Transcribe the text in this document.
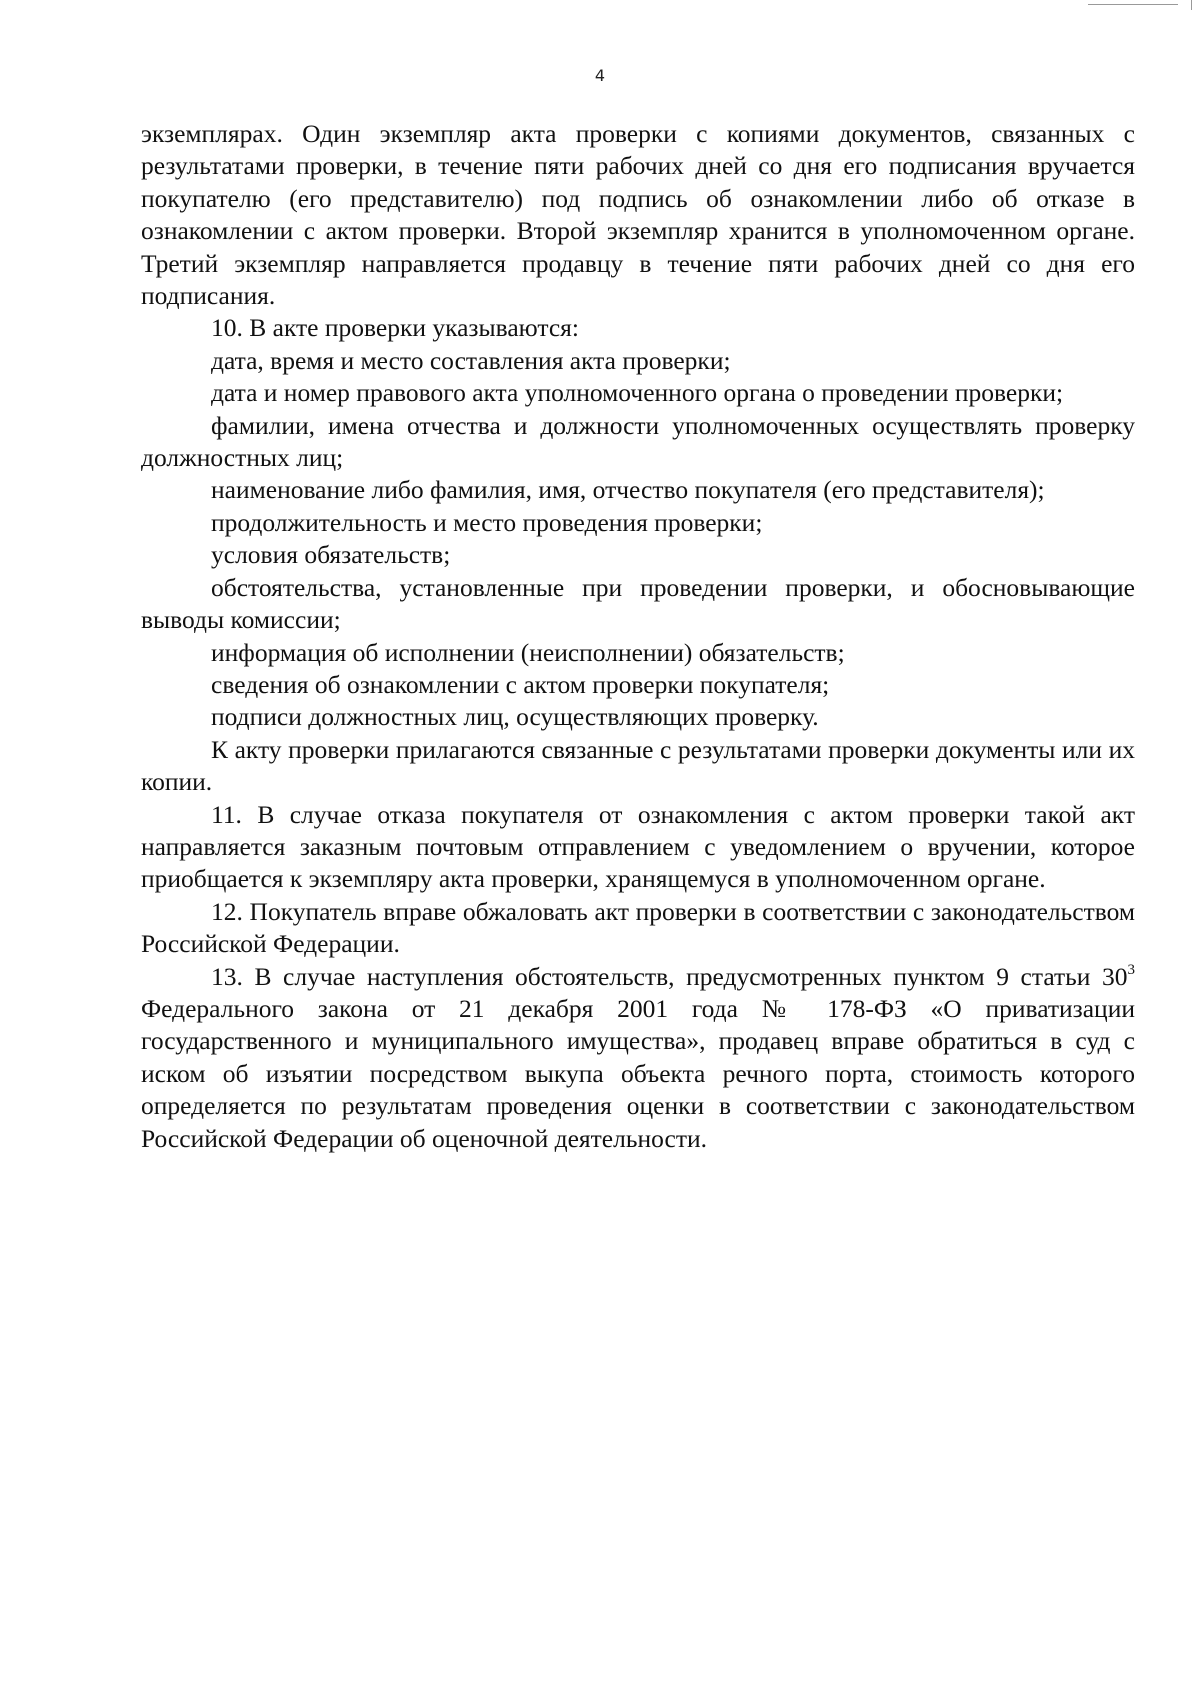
4

экземплярах. Один экземпляр акта проверки с копиями документов, связанных с результатами проверки, в течение пяти рабочих дней со дня его подписания вручается покупателю (его представителю) под подпись об ознакомлении либо об отказе в ознакомлении с актом проверки. Второй экземпляр хранится в уполномоченном органе. Третий экземпляр направляется продавцу в течение пяти рабочих дней со дня его подписания.

10. В акте проверки указываются:

дата, время и место составления акта проверки;

дата и номер правового акта уполномоченного органа о проведении проверки;

фамилии, имена отчества и должности уполномоченных осуществлять проверку должностных лиц;

наименование либо фамилия, имя, отчество покупателя (его представителя);

продолжительность и место проведения проверки;

условия обязательств;

обстоятельства, установленные при проведении проверки, и обосновывающие выводы комиссии;

информация об исполнении (неисполнении) обязательств;

сведения об ознакомлении с актом проверки покупателя;

подписи должностных лиц, осуществляющих проверку.

К акту проверки прилагаются связанные с результатами проверки документы или их копии.

11. В случае отказа покупателя от ознакомления с актом проверки такой акт направляется заказным почтовым отправлением с уведомлением о вручении, которое приобщается к экземпляру акта проверки, хранящемуся в уполномоченном органе.

12. Покупатель вправе обжаловать акт проверки в соответствии с законодательством Российской Федерации.

13. В случае наступления обстоятельств, предусмотренных пунктом 9 статьи $30^3$ Федерального закона от 21 декабря 2001 года № 178-ФЗ «О приватизации государственного и муниципального имущества», продавец вправе обратиться в суд с иском об изъятии посредством выкупа объекта речного порта, стоимость которого определяется по результатам проведения оценки в соответствии с законодательством Российской Федерации об оценочной деятельности.
